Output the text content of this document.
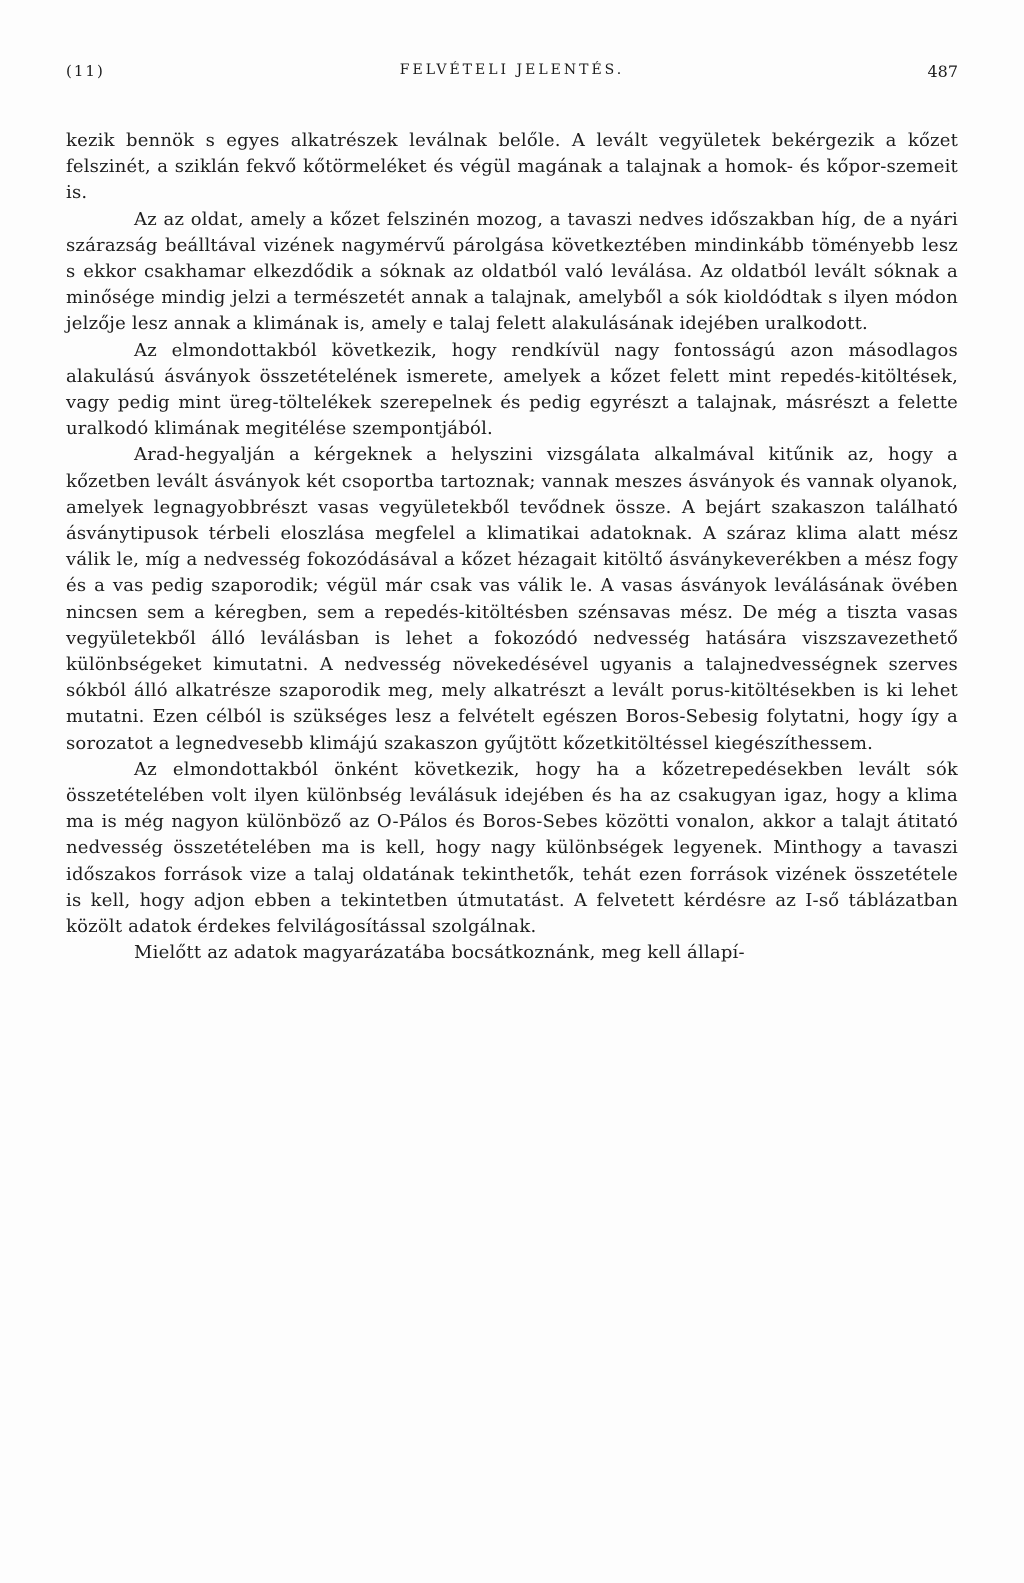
(11)	FELVÉTELI JELENTÉS.	487

kezik bennök s egyes alkatrészek leválnak belőle. A levált vegyületek bekérgezik a kőzet felszinét, a sziklán fekvő kőtörmeléket és végül magának a talajnak a homok- és kőpor-szemeit is.

Az az oldat, amely a kőzet felszinén mozog, a tavaszi nedves időszakban híg, de a nyári szárazság beálltával vizének nagymérvű párolgása következtében mindinkább töményebb lesz s ekkor csakhamar elkezdődik a sóknak az oldatból való leválása. Az oldatból levált sóknak a minősége mindig jelzi a természetét annak a talajnak, amelyből a sók kioldódtak s ilyen módon jelzője lesz annak a klimának is, amely e talaj felett alakulásának idejében uralkodott.

Az elmondottakból következik, hogy rendkívül nagy fontosságú azon másodlagos alakulású ásványok összetételének ismerete, amelyek a kőzet felett mint repedés-kitöltések, vagy pedig mint üreg-töltelékek szerepelnek és pedig egyrészt a talajnak, másrészt a felette uralkodó klimának megitélése szempontjából.

Arad-hegyalján a kérgeknek a helyszini vizsgálata alkalmával kitűnik az, hogy a kőzetben levált ásványok két csoportba tartoznak; vannak meszes ásványok és vannak olyanok, amelyek legnagyobbrészt vasas vegyületekből tevődnek össze. A bejárt szakaszon található ásványtipusok térbeli eloszlása megfelel a klimatikai adatoknak. A száraz klima alatt mész válik le, míg a nedvesség fokozódásával a kőzet hézagait kitöltő ásványkeverékben a mész fogy és a vas pedig szaporodik; végül már csak vas válik le. A vasas ásványok leválásának övében nincsen sem a kéregben, sem a repedés-kitöltésben szénsavas mész. De még a tiszta vasas vegyületekből álló leválásban is lehet a fokozódó nedvesség hatására viszszavezethető különbségeket kimutatni. A nedvesség növekedésével ugyanis a talajnedvességnek szerves sókból álló alkatrésze szaporodik meg, mely alkatrészt a levált porus-kitöltésekben is ki lehet mutatni. Ezen célból is szükséges lesz a felvételt egészen Boros-Sebesig folytatni, hogy így a sorozatot a legnedvesebb klimájú szakaszon gyűjtött kőzetkitöltéssel kiegészíthessem.

Az elmondottakból önként következik, hogy ha a kőzetrepedésekben levált sók összetételében volt ilyen különbség leválásuk idejében és ha az csakugyan igaz, hogy a klima ma is még nagyon különböző az O-Pálos és Boros-Sebes közötti vonalon, akkor a talajt átitató nedvesség összetételében ma is kell, hogy nagy különbségek legyenek. Minthogy a tavaszi időszakos források vize a talaj oldatának tekinthetők, tehát ezen források vizének összetétele is kell, hogy adjon ebben a tekintetben útmutatást. A felvetett kérdésre az I-ső táblázatban közölt adatok érdekes felvilágosítással szolgálnak.

Mielőtt az adatok magyarázatába bocsátkoznánk, meg kell állapí-
